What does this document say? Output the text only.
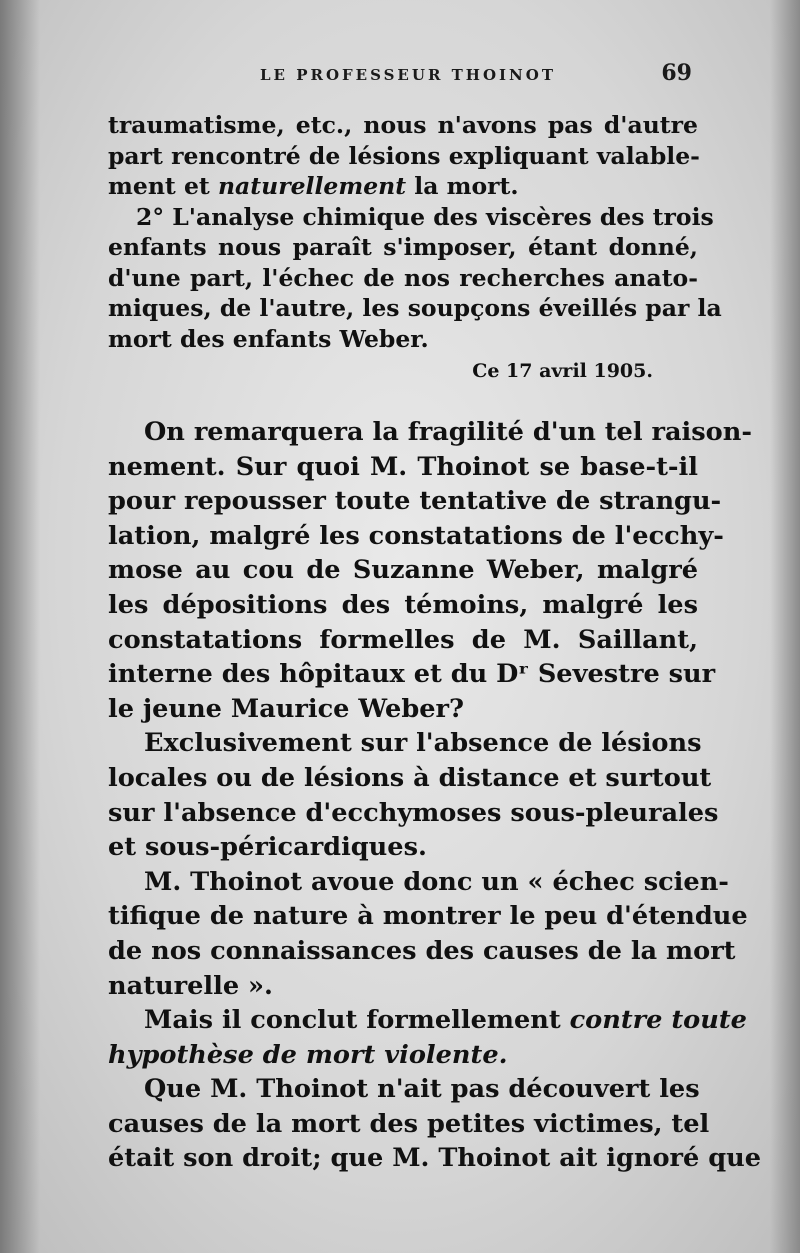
LE PROFESSEUR THOINOT	69
traumatisme, etc., nous n'avons pas d'autre
part rencontré de lésions expliquant valable-
ment et naturellement la mort.
2° L'analyse chimique des viscères des trois
enfants nous paraît s'imposer, étant donné,
d'une part, l'échec de nos recherches anato-
miques, de l'autre, les soupçons éveillés par la
mort des enfants Weber.
Ce 17 avril 1905.
On remarquera la fragilité d'un tel raison-
nement. Sur quoi M. Thoinot se base-t-il
pour repousser toute tentative de strangu-
lation, malgré les constatations de l'ecchy-
mose au cou de Suzanne Weber, malgré
les dépositions des témoins, malgré les
constatations formelles de M. Saillant,
interne des hôpitaux et du Dʳ Sevestre sur
le jeune Maurice Weber?
Exclusivement sur l'absence de lésions
locales ou de lésions à distance et surtout
sur l'absence d'ecchymoses sous-pleurales
et sous-péricardiques.
M. Thoinot avoue donc un « échec scien-
tifique de nature à montrer le peu d'étendue
de nos connaissances des causes de la mort
naturelle ».
Mais il conclut formellement contre toute
hypothèse de mort violente.
Que M. Thoinot n'ait pas découvert les
causes de la mort des petites victimes, tel
était son droit; que M. Thoinot ait ignoré que
